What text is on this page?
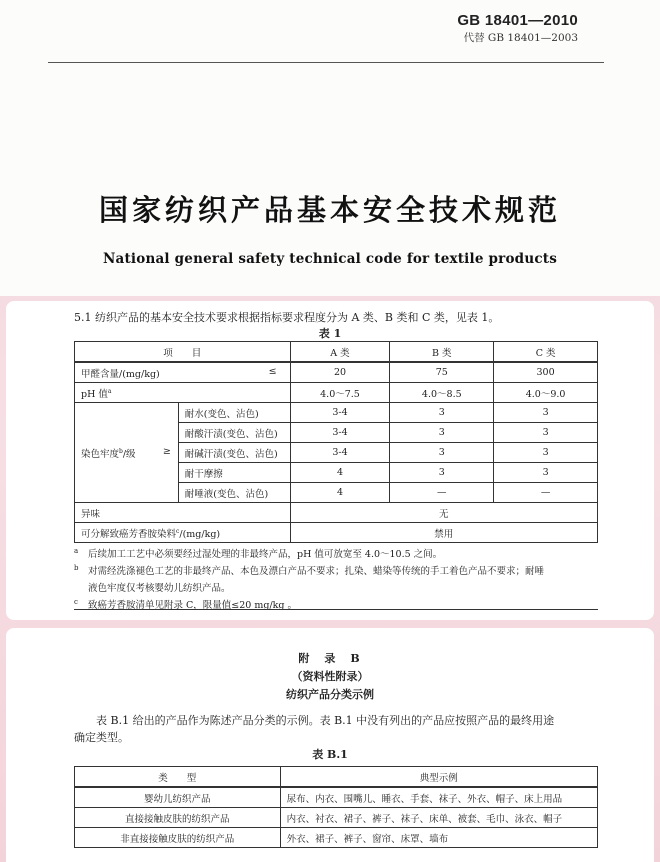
GB 18401—2010
代替 GB 18401—2003
国家纺织产品基本安全技术规范
National general safety technical code for textile products
5.1 纺织产品的基本安全技术要求根据指标要求程度分为 A 类、B 类和 C 类，见表 1。
表 1
项　　目		A 类	B 类	C 类
甲醛含量/(mg/kg) ≤		20	75	300
pH 值$^a$		4.0～7.5	4.0～8.5	4.0～9.0
染色牢度$^b$/级 ≥	耐水(变色、沾色)	3-4	3	3
	耐酸汗渍(变色、沾色)	3-4	3	3
	耐碱汗渍(变色、沾色)	3-4	3	3
	耐干摩擦	4	3	3
	耐唾液(变色、沾色)	4	—	—
异味		无		
可分解致癌芳香胺染料$^c$/(mg/kg)		禁用		
a 后续加工工艺中必须要经过湿处理的非最终产品，pH 值可放宽至 4.0～10.5 之间。
b 对需经洗涤褪色工艺的非最终产品、本色及漂白产品不要求；扎染、蜡染等传统的手工着色产品不要求；耐唾
液色牢度仅考核婴幼儿纺织产品。
c 致癌芳香胺清单见附录 C，限量值≤20 mg/kg 。
附　录　B
（资料性附录）
纺织产品分类示例
表 B.1 给出的产品作为陈述产品分类的示例。表 B.1 中没有列出的产品应按照产品的最终用途
确定类型。
表 B.1
类　　型	典型示例
婴幼儿纺织产品	尿布、内衣、围嘴儿、睡衣、手套、袜子、外衣、帽子、床上用品
直接接触皮肤的纺织产品	内衣、衬衣、裙子、裤子、袜子、床单、被套、毛巾、泳衣、帽子
非直接接触皮肤的纺织产品	外衣、裙子、裤子、窗帘、床罩、墙布
